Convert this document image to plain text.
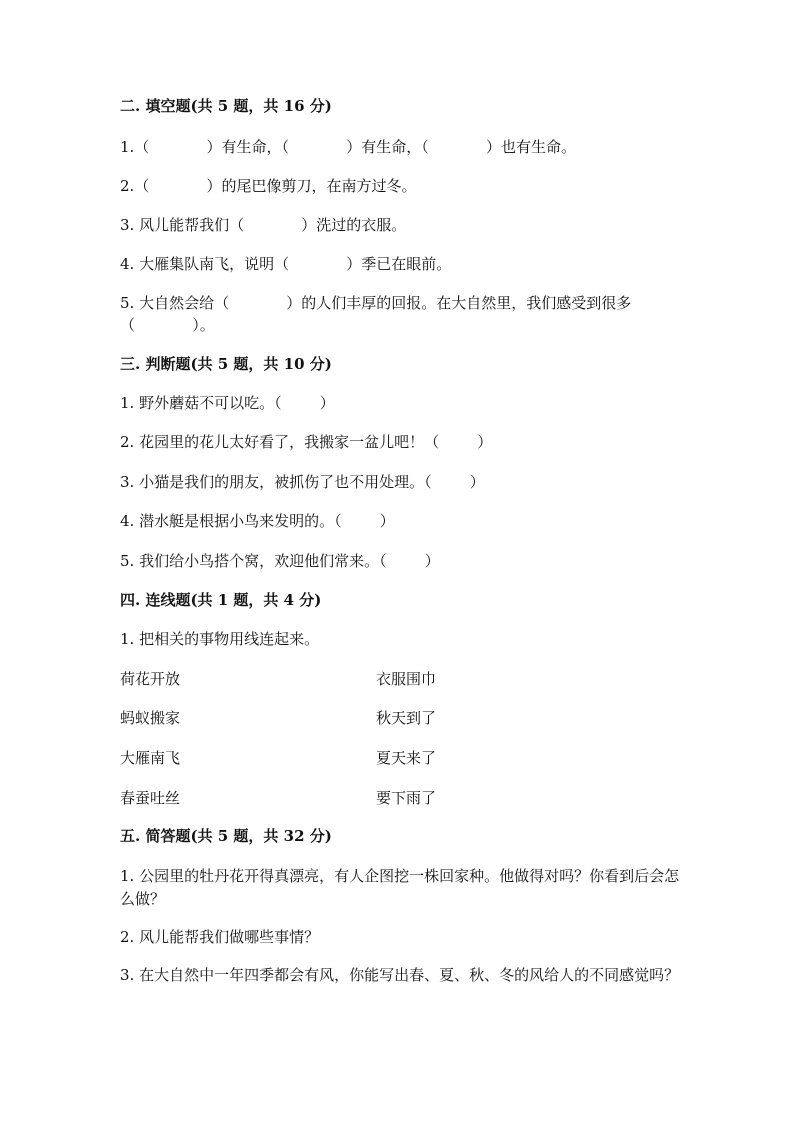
二. 填空题(共 5 题，共 16 分)

1.（            ）有生命，（            ）有生命，（            ）也有生命。

2.（            ）的尾巴像剪刀，在南方过冬。

3. 风儿能帮我们（            ）洗过的衣服。

4. 大雁集队南飞，说明（            ）季已在眼前。

5. 大自然会给（            ）的人们丰厚的回报。在大自然里，我们感受到很多

（            ）。

三. 判断题(共 5 题，共 10 分)

1. 野外蘑菇不可以吃。（        ）

2. 花园里的花儿太好看了，我搬家一盆儿吧！（        ）

3. 小猫是我们的朋友，被抓伤了也不用处理。（        ）

4. 潜水艇是根据小鸟来发明的。（        ）

5. 我们给小鸟搭个窝，欢迎他们常来。（        ）

四. 连线题(共 1 题，共 4 分)

1. 把相关的事物用线连起来。

荷花开放
蚂蚁搬家
大雁南飞
春蚕吐丝
衣服围巾
秋天到了
夏天来了
要下雨了

五. 简答题(共 5 题，共 32 分)

1. 公园里的牡丹花开得真漂亮，有人企图挖一株回家种。他做得对吗？你看到后会怎么做？

2. 风儿能帮我们做哪些事情？

3. 在大自然中一年四季都会有风，你能写出春、夏、秋、冬的风给人的不同感觉吗？
